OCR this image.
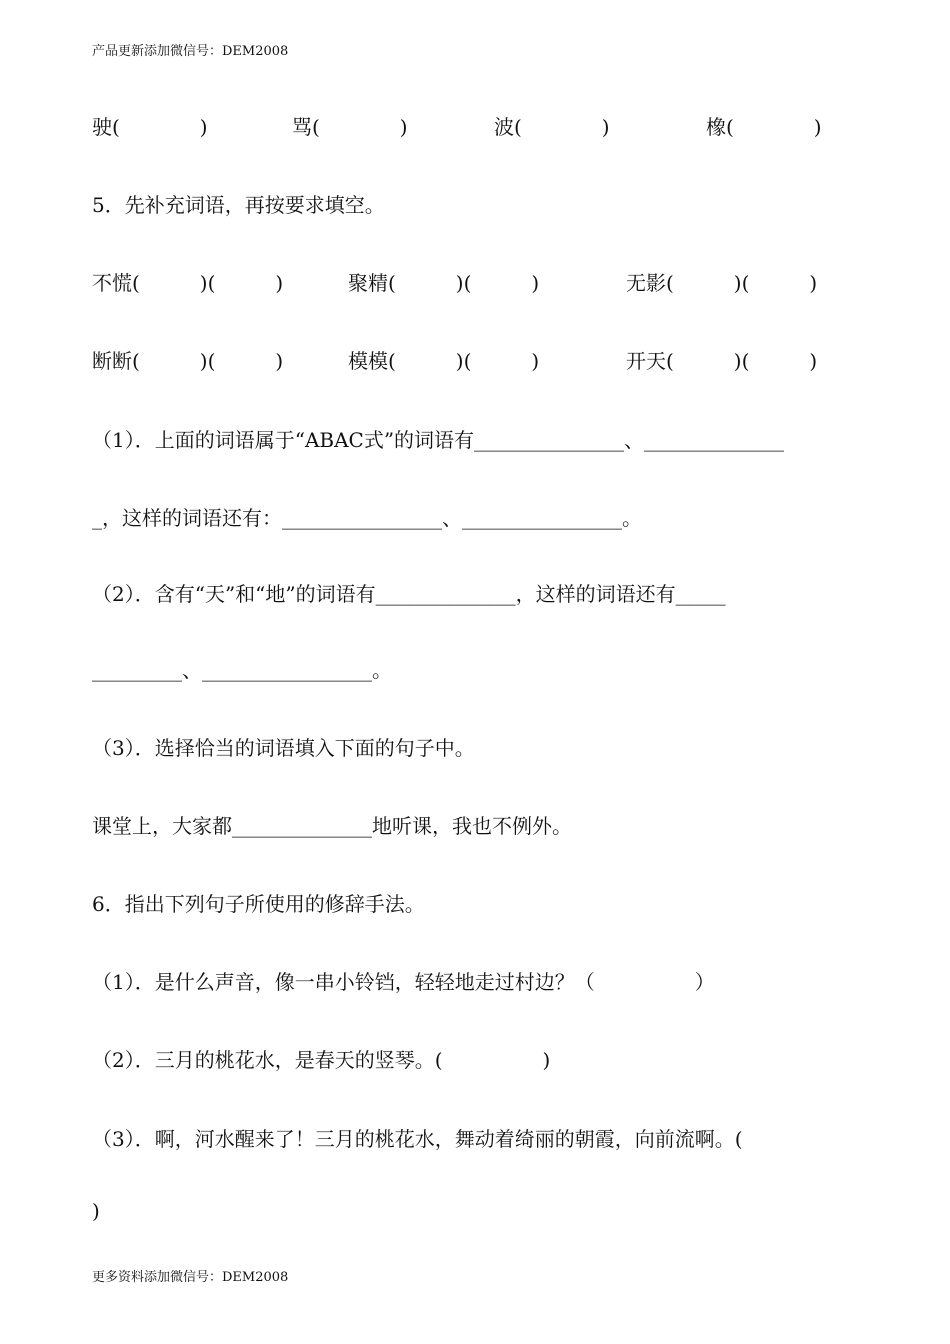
产品更新添加微信号：DEM2008
驶(　　　　)	骂(　　　　)	波(　　　　)	橡(　　　　)
5．先补充词语，再按要求填空。
不慌(　　　)(　　　)	聚精(　　　)(　　　)	无影(　　　)(　　　)
断断(　　　)(　　　)	模模(　　　)(　　　)	开天(　　　)(　　　)
（1）．上面的词语属于“ABAC式”的词语有_______________、______________
_，这样的词语还有：________________、________________。
（2）．含有“天”和“地”的词语有______________，这样的词语还有_____
_________、_________________。
（3）．选择恰当的词语填入下面的句子中。
课堂上，大家都______________地听课，我也不例外。
6．指出下列句子所使用的修辞手法。
（1）．是什么声音，像一串小铃铛，轻轻地走过村边？（　　　　　）
（2）．三月的桃花水，是春天的竖琴。(　　　　　)
（3）．啊，河水醒来了！三月的桃花水，舞动着绮丽的朝霞，向前流啊。(
)
更多资料添加微信号：DEM2008
